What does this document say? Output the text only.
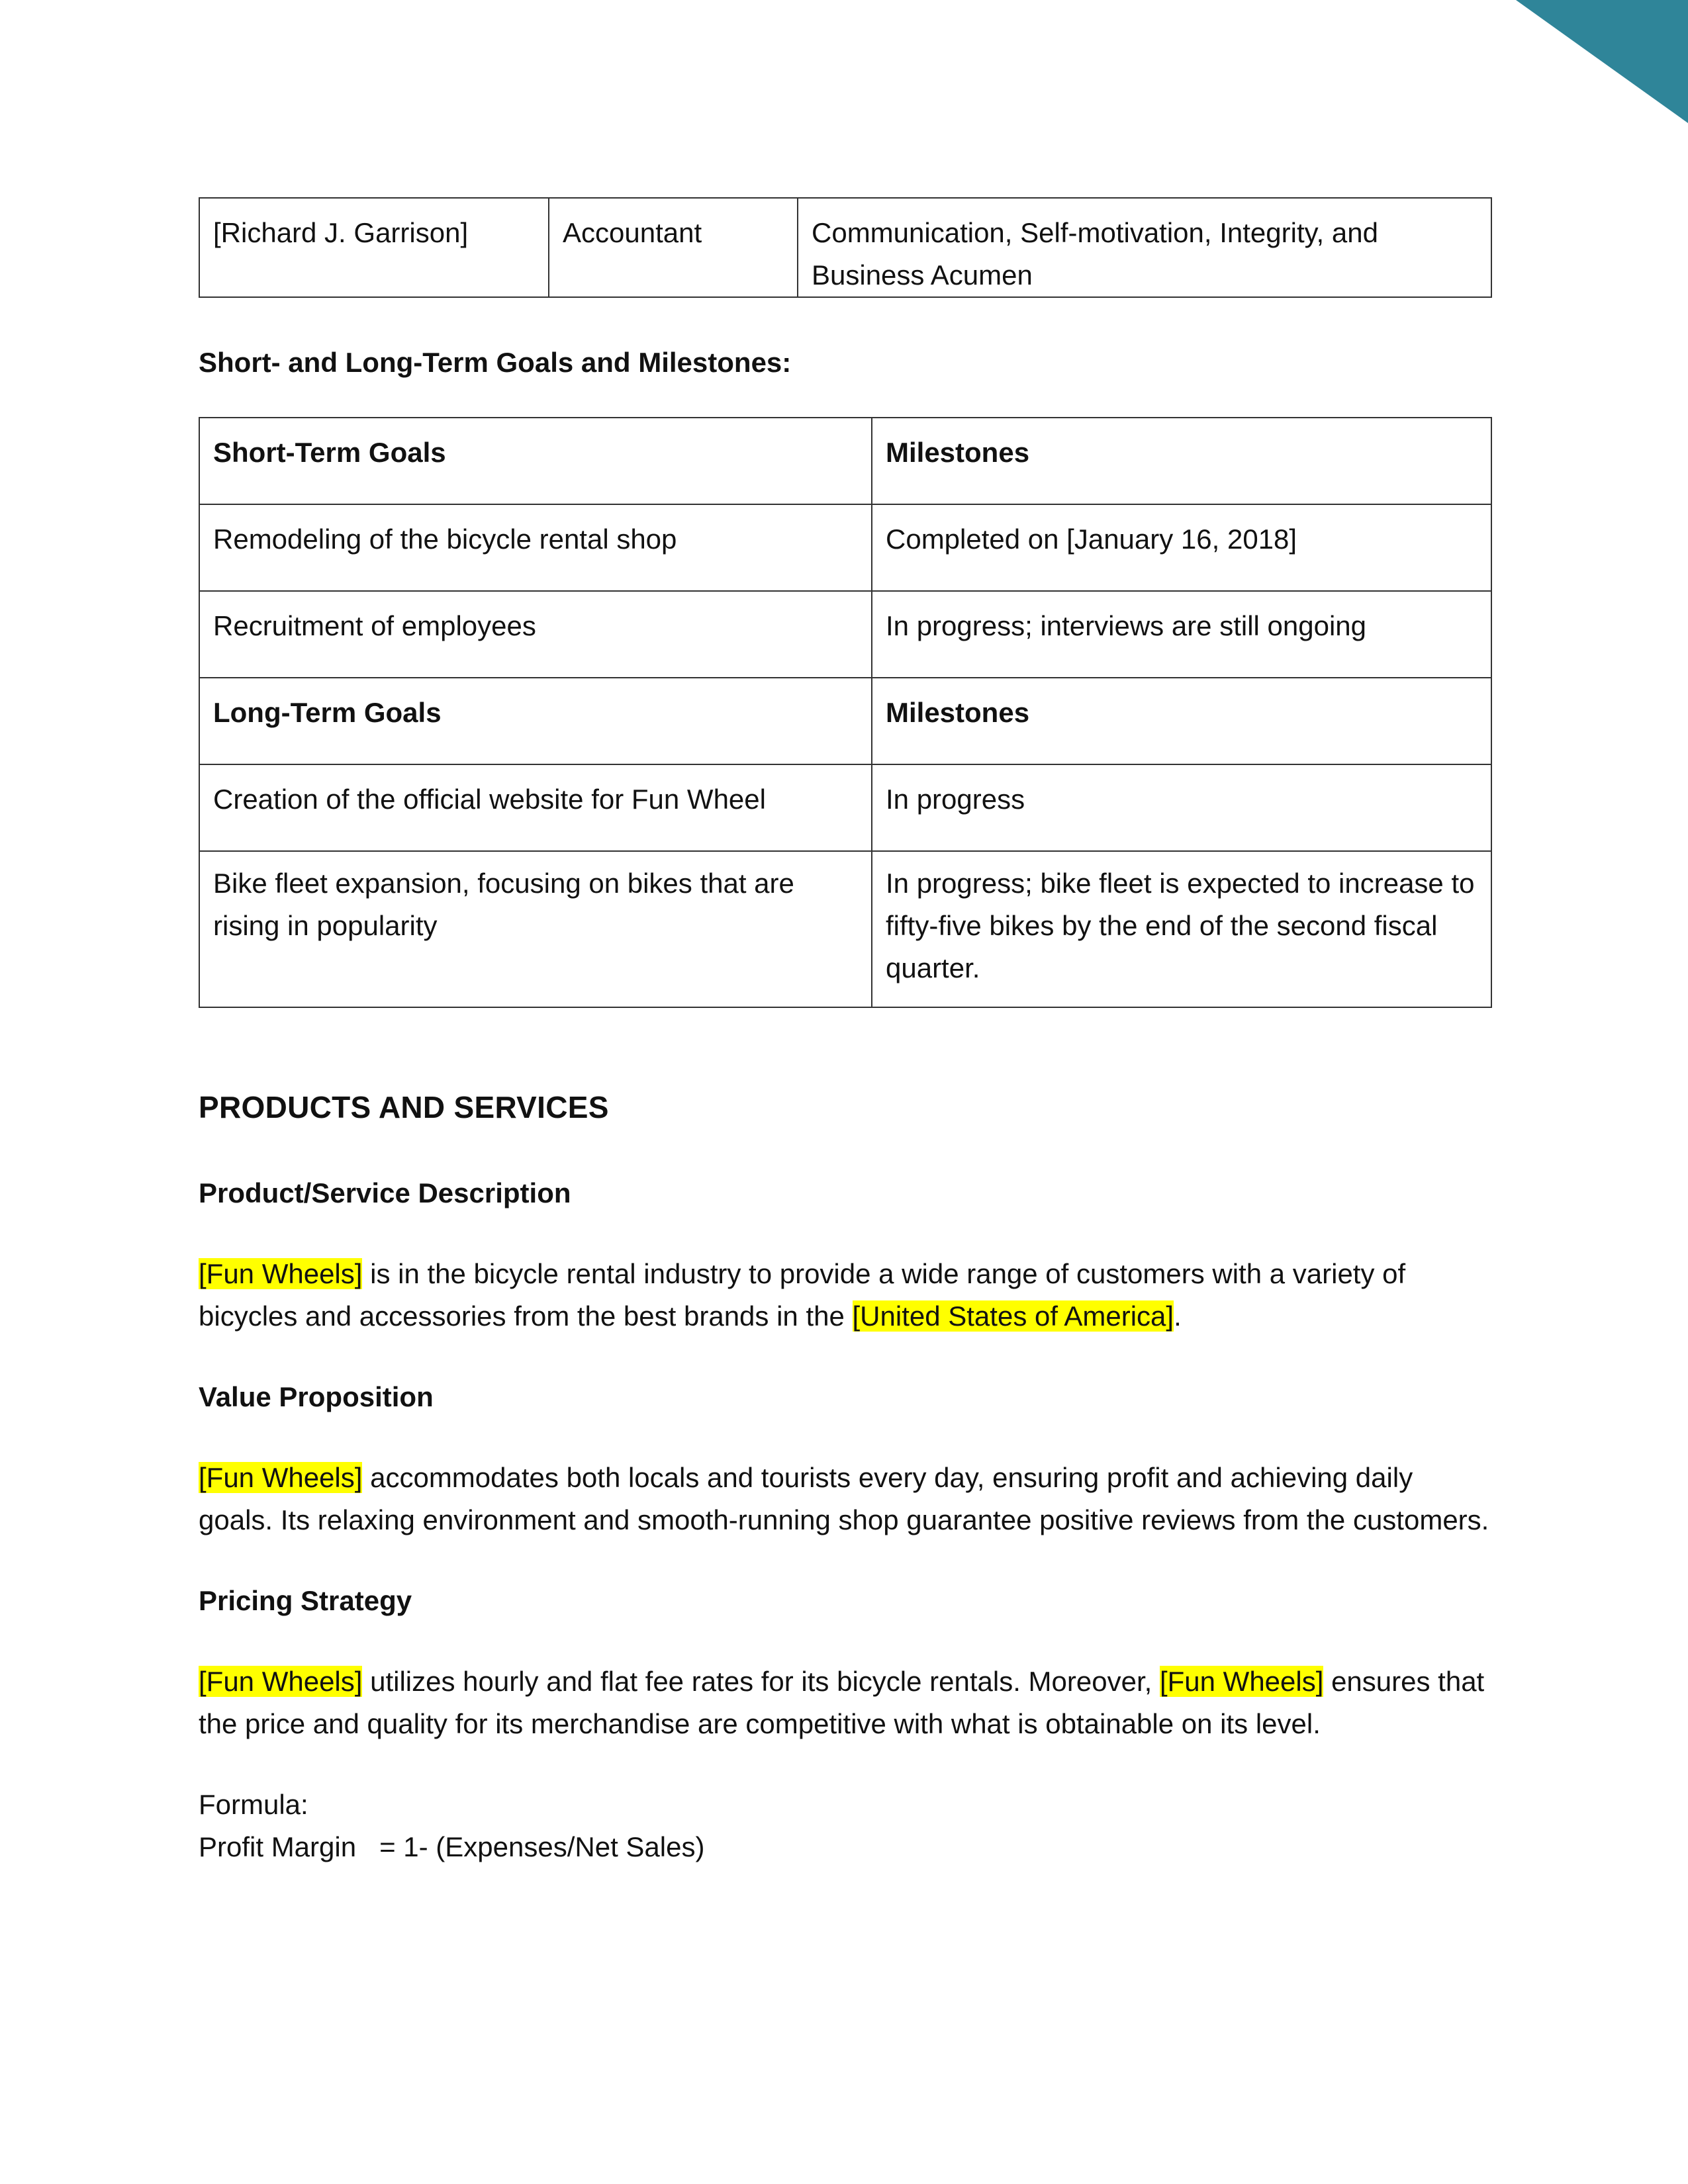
[Richard J. Garrison]	Accountant	Communication, Self-motivation, Integrity, and Business Acumen

Short- and Long-Term Goals and Milestones:

Short-Term Goals	Milestones
Remodeling of the bicycle rental shop	Completed on [January 16, 2018]
Recruitment of employees	In progress; interviews are still ongoing
Long-Term Goals	Milestones
Creation of the official website for Fun Wheel	In progress
Bike fleet expansion, focusing on bikes that are rising in popularity	In progress; bike fleet is expected to increase to fifty-five bikes by the end of the second fiscal quarter.

PRODUCTS AND SERVICES

Product/Service Description

[Fun Wheels] is in the bicycle rental industry to provide a wide range of customers with a variety of bicycles and accessories from the best brands in the [United States of America].

Value Proposition

[Fun Wheels] accommodates both locals and tourists every day, ensuring profit and achieving daily goals. Its relaxing environment and smooth-running shop guarantee positive reviews from the customers.

Pricing Strategy

[Fun Wheels] utilizes hourly and flat fee rates for its bicycle rentals. Moreover, [Fun Wheels] ensures that the price and quality for its merchandise are competitive with what is obtainable on its level.

Formula:

Profit Margin   = 1- (Expenses/Net Sales)
